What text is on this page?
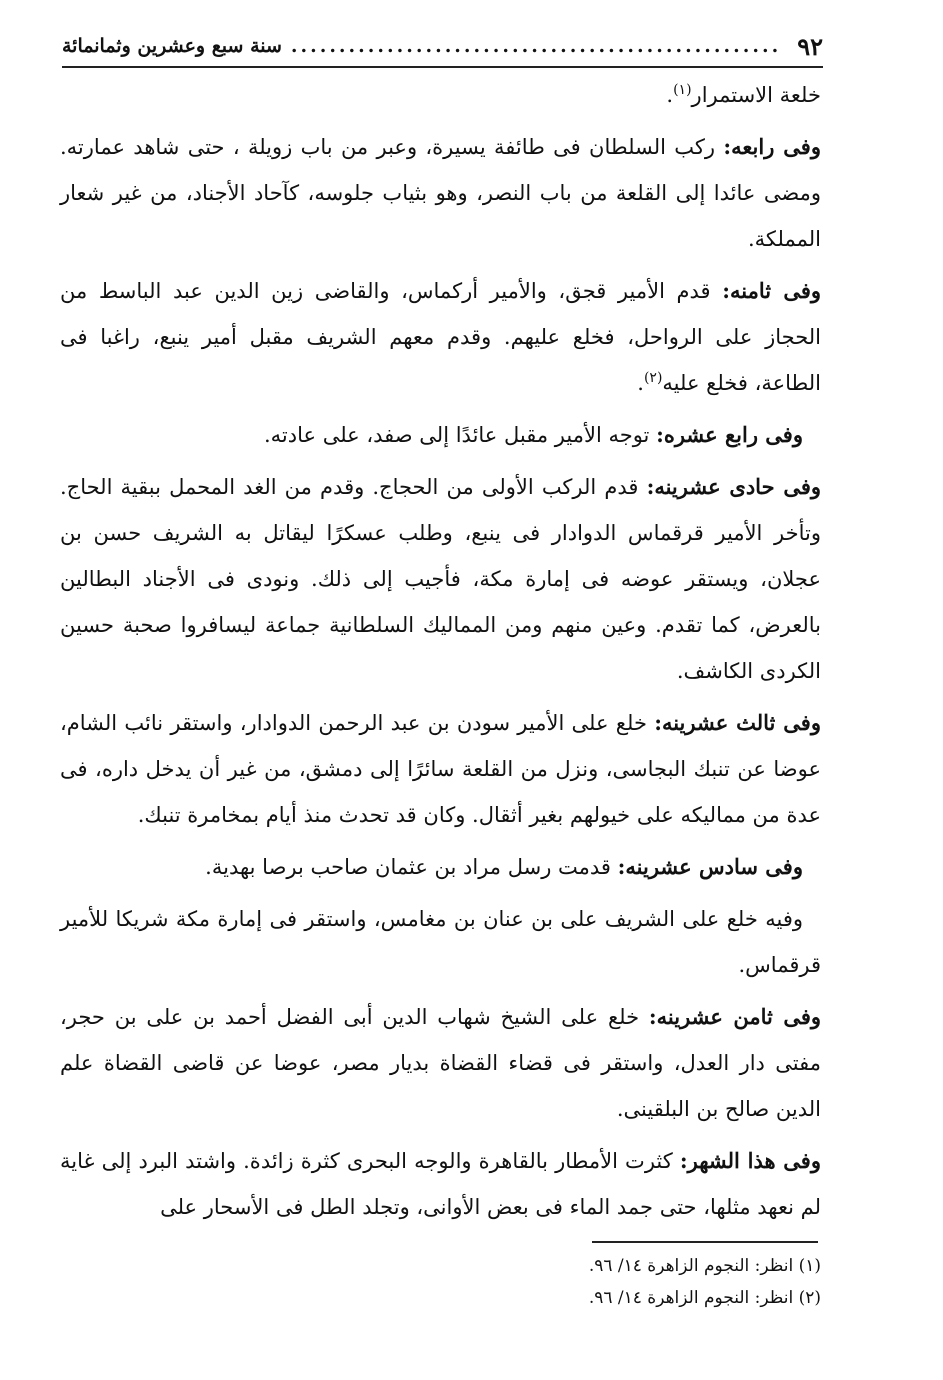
٩٢
.....
سنة سبع وعشرين وثمانمائة

خلعة الاستمرار$^{(١)}$.

وفى رابعه: ركب السلطان فى طائفة يسيرة، وعبر من باب زويلة ، حتى شاهد عمارته. ومضى عائدا إلى القلعة من باب النصر، وهو بثياب جلوسه، كآحاد الأجناد، من غير شعار المملكة.

وفى ثامنه: قدم الأمير قجق، والأمير أركماس، والقاضى زين الدين عبد الباسط من الحجاز على الرواحل، فخلع عليهم. وقدم معهم الشريف مقبل أمير ينبع، راغبا فى الطاعة، فخلع عليه$^{(٢)}$.

وفى رابع عشره: توجه الأمير مقبل عائدًا إلى صفد، على عادته.

وفى حادى عشرينه: قدم الركب الأولى من الحجاج. وقدم من الغد المحمل ببقية الحاج. وتأخر الأمير قرقماس الدوادار فى ينبع، وطلب عسكرًا ليقاتل به الشريف حسن بن عجلان، ويستقر عوضه فى إمارة مكة، فأجيب إلى ذلك. ونودى فى الأجناد البطالين بالعرض، كما تقدم. وعين منهم ومن المماليك السلطانية جماعة ليسافروا صحبة حسين الكردى الكاشف.

وفى ثالث عشرينه: خلع على الأمير سودن بن عبد الرحمن الدوادار، واستقر نائب الشام، عوضا عن تنبك البجاسى، ونزل من القلعة سائرًا إلى دمشق، من غير أن يدخل داره، فى عدة من مماليكه على خيولهم بغير أثقال. وكان قد تحدث منذ أيام بمخامرة تنبك.

وفى سادس عشرينه: قدمت رسل مراد بن عثمان صاحب برصا بهدية.

وفيه خلع على الشريف على بن عنان بن مغامس، واستقر فى إمارة مكة شريكا للأمير قرقماس.

وفى ثامن عشرينه: خلع على الشيخ شهاب الدين أبى الفضل أحمد بن على بن حجر، مفتى دار العدل، واستقر فى قضاء القضاة بديار مصر، عوضا عن قاضى القضاة علم الدين صالح بن البلقينى.

وفى هذا الشهر: كثرت الأمطار بالقاهرة والوجه البحرى كثرة زائدة. واشتد البرد إلى غاية لم نعهد مثلها، حتى جمد الماء فى بعض الأوانى، وتجلد الطل فى الأسحار على

(١) انظر: النجوم الزاهرة ١٤/ ٩٦.
(٢) انظر: النجوم الزاهرة ١٤/ ٩٦.
